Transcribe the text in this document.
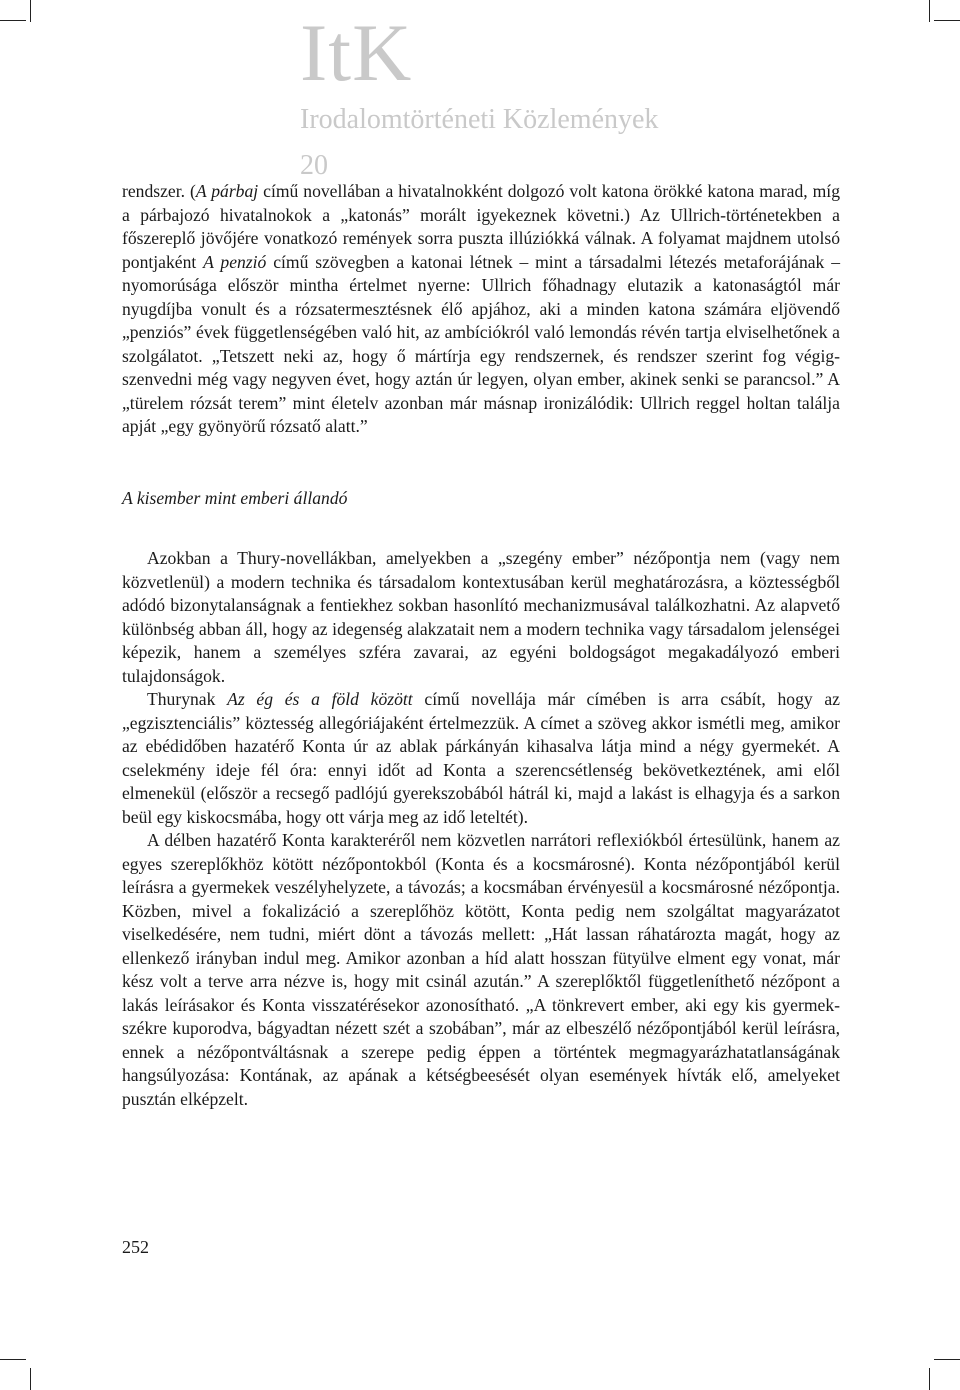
ItK
Irodalomtörténeti Közlemények
20

rendszer. (A párbaj című novellában a hivatalnokként dolgozó volt katona örökké katona marad, míg a párbajozó hivatalnokok a „katonás” morált igyekeznek követni.) Az Ullrich-történetekben a főszereplő jövőjére vonatkozó remények sorra puszta illúziókká válnak. A folyamat majdnem utolsó pontjaként A penzió című szövegben a katonai létnek – mint a társadalmi létezés metaforájának – nyomorúsága először mintha értelmet nyerne: Ullrich főhadnagy elutazik a katonaságtól már nyugdíjba vonult és a rózsatermesztésnek élő apjához, aki a minden katona számára eljövendő „penziós” évek függetlenségében való hit, az ambíciókról való lemondás révén tartja elviselhetőnek a szolgálatot. „Tetszett neki az, hogy ő mártírja egy rendszernek, és rendszer szerint fog végigszenvedni még vagy negyven évet, hogy aztán úr legyen, olyan ember, akinek senki se parancsol.” A „türelem rózsát terem” mint életelv azonban már másnap ironizálódik: Ullrich reggel holtan találja apját „egy gyönyörű rózsatő alatt.”

A kisember mint emberi állandó

Azokban a Thury-novellákban, amelyekben a „szegény ember” nézőpontja nem (vagy nem közvetlenül) a modern technika és társadalom kontextusában kerül meghatározásra, a köztességből adódó bizonytalanságnak a fentiekhez sokban hasonlító mechanizmusával találkozhatni. Az alapvető különbség abban áll, hogy az idegenség alakzatait nem a modern technika vagy társadalom jelenségei képezik, hanem a személyes szféra zavarai, az egyéni boldogságot megakadályozó emberi tulajdonságok.

Thurynak Az ég és a föld között című novellája már címében is arra csábít, hogy az „egzisztenciális” köztesség allegóriájaként értelmezzük. A címet a szöveg akkor ismétli meg, amikor az ebédidőben hazatérő Konta úr az ablak párkányán kihasalva látja mind a négy gyermekét. A cselekmény ideje fél óra: ennyi időt ad Konta a szerencsétlenség bekövetkeztének, ami elől elmenekül (először a recsegő padlójú gyerekszobából hátrál ki, majd a lakást is elhagyja és a sarkon beül egy kiskocsmába, hogy ott várja meg az idő leteltét).

A délben hazatérő Konta karakteréről nem közvetlen narrátori reflexiókból értesülünk, hanem az egyes szereplőkhöz kötött nézőpontokból (Konta és a kocsmárosné). Konta nézőpontjából kerül leírásra a gyermekek veszélyhelyzete, a távozás; a kocsmában érvényesül a kocsmárosné nézőpontja. Közben, mivel a fokalizáció a szereplőhöz kötött, Konta pedig nem szolgáltat magyarázatot viselkedésére, nem tudni, miért dönt a távozás mellett: „Hát lassan ráhatározta magát, hogy az ellenkező irányban indul meg. Amikor azonban a híd alatt hosszan fütyülve elment egy vonat, már kész volt a terve arra nézve is, hogy mit csinál azután.” A szereplőktől függetleníthető nézőpont a lakás leírásakor és Konta visszatérésekor azonosítható. „A tönkrevert ember, aki egy kis gyermekszékre kuporodva, bágyadtan nézett szét a szobában”, már az elbeszélő nézőpontjából kerül leírásra, ennek a nézőpontváltásnak a szerepe pedig éppen a történtek megmagyarázhatatlanságának hangsúlyozása: Kontának, az apának a kétségbeesését olyan események hívták elő, amelyeket pusztán elképzelt.

252
